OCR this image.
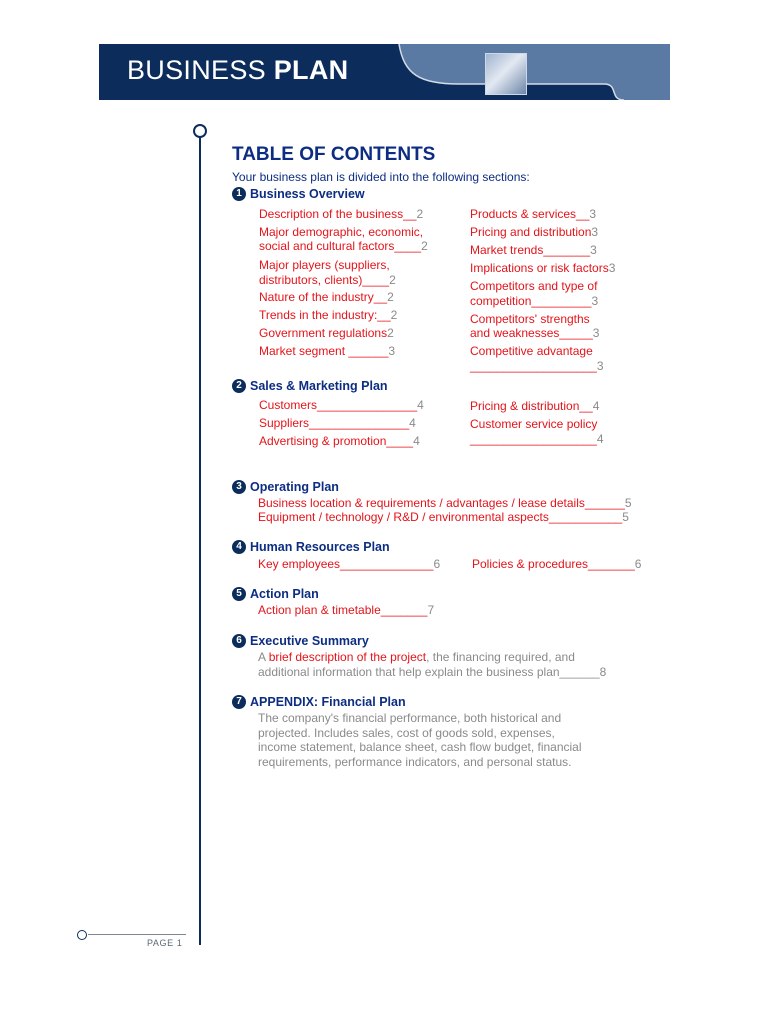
BUSINESS PLAN
PAGE 1
TABLE OF CONTENTS
Your business plan is divided into the following sections:
1 Business Overview
Description of the business__2
Major demographic, economic,
social and cultural factors____2
Major players (suppliers,
distributors, clients)____2
Nature of the industry__2
Trends in the industry:__2
Government regulations2
Market segment ______3
Products & services__3
Pricing and distribution3
Market trends_______3
Implications or risk factors3
Competitors and type of
competition_________3
Competitors' strengths
and weaknesses_____3
Competitive advantage
___________________3
2 Sales & Marketing Plan
Customers_______________4
Suppliers_______________4
Advertising & promotion____4
Pricing & distribution__4
Customer service policy
___________________4
3 Operating Plan
Business location & requirements / advantages / lease details______5
Equipment / technology / R&D / environmental aspects___________5
4 Human Resources Plan
Key employees______________6	Policies & procedures_______6
5 Action Plan
Action plan & timetable_______7
6 Executive Summary
A brief description of the project, the financing required, and
additional information that help explain the business plan______8
7 APPENDIX: Financial Plan
The company's financial performance, both historical and
projected. Includes sales, cost of goods sold, expenses,
income statement, balance sheet, cash flow budget, financial
requirements, performance indicators, and personal status.
